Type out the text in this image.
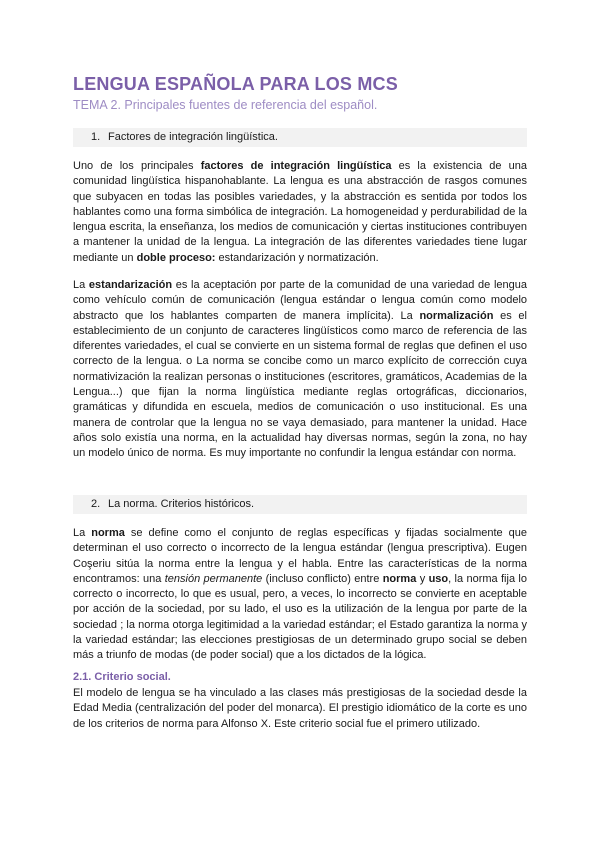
LENGUA ESPAÑOLA PARA LOS MCS

TEMA 2. Principales fuentes de referencia del español.

1. Factores de integración lingüística.

Uno de los principales factores de integración lingüística es la existencia de una comunidad lingüística hispanohablante. La lengua es una abstracción de rasgos comunes que subyacen en todas las posibles variedades, y la abstracción es sentida por todos los hablantes como una forma simbólica de integración. La homogeneidad y perdurabilidad de la lengua escrita, la enseñanza, los medios de comunicación y ciertas instituciones contribuyen a mantener la unidad de la lengua. La integración de las diferentes variedades tiene lugar mediante un doble proceso: estandarización y normatización.

La estandarización es la aceptación por parte de la comunidad de una variedad de lengua como vehículo común de comunicación (lengua estándar o lengua común como modelo abstracto que los hablantes comparten de manera implícita). La normalización es el establecimiento de un conjunto de caracteres lingüísticos como marco de referencia de las diferentes variedades, el cual se convierte en un sistema formal de reglas que definen el uso correcto de la lengua. o La norma se concibe como un marco explícito de corrección cuya normativización la realizan personas o instituciones (escritores, gramáticos, Academias de la Lengua...) que fijan la norma lingüística mediante reglas ortográficas, diccionarios, gramáticas y difundida en escuela, medios de comunicación o uso institucional. Es una manera de controlar que la lengua no se vaya demasiado, para mantener la unidad. Hace años solo existía una norma, en la actualidad hay diversas normas, según la zona, no hay un modelo único de norma. Es muy importante no confundir la lengua estándar con norma.

2. La norma. Criterios históricos.

La norma se define como el conjunto de reglas específicas y fijadas socialmente que determinan el uso correcto o incorrecto de la lengua estándar (lengua prescriptiva). Eugen Coşeriu sitúa la norma entre la lengua y el habla. Entre las características de la norma encontramos: una tensión permanente (incluso conflicto) entre norma y uso, la norma fija lo correcto o incorrecto, lo que es usual, pero, a veces, lo incorrecto se convierte en aceptable por acción de la sociedad, por su lado, el uso es la utilización de la lengua por parte de la sociedad ; la norma otorga legitimidad a la variedad estándar; el Estado garantiza la norma y la variedad estándar; las elecciones prestigiosas de un determinado grupo social se deben más a triunfo de modas (de poder social) que a los dictados de la lógica.

2.1. Criterio social.

El modelo de lengua se ha vinculado a las clases más prestigiosas de la sociedad desde la Edad Media (centralización del poder del monarca). El prestigio idiomático de la corte es uno de los criterios de norma para Alfonso X. Este criterio social fue el primero utilizado.
